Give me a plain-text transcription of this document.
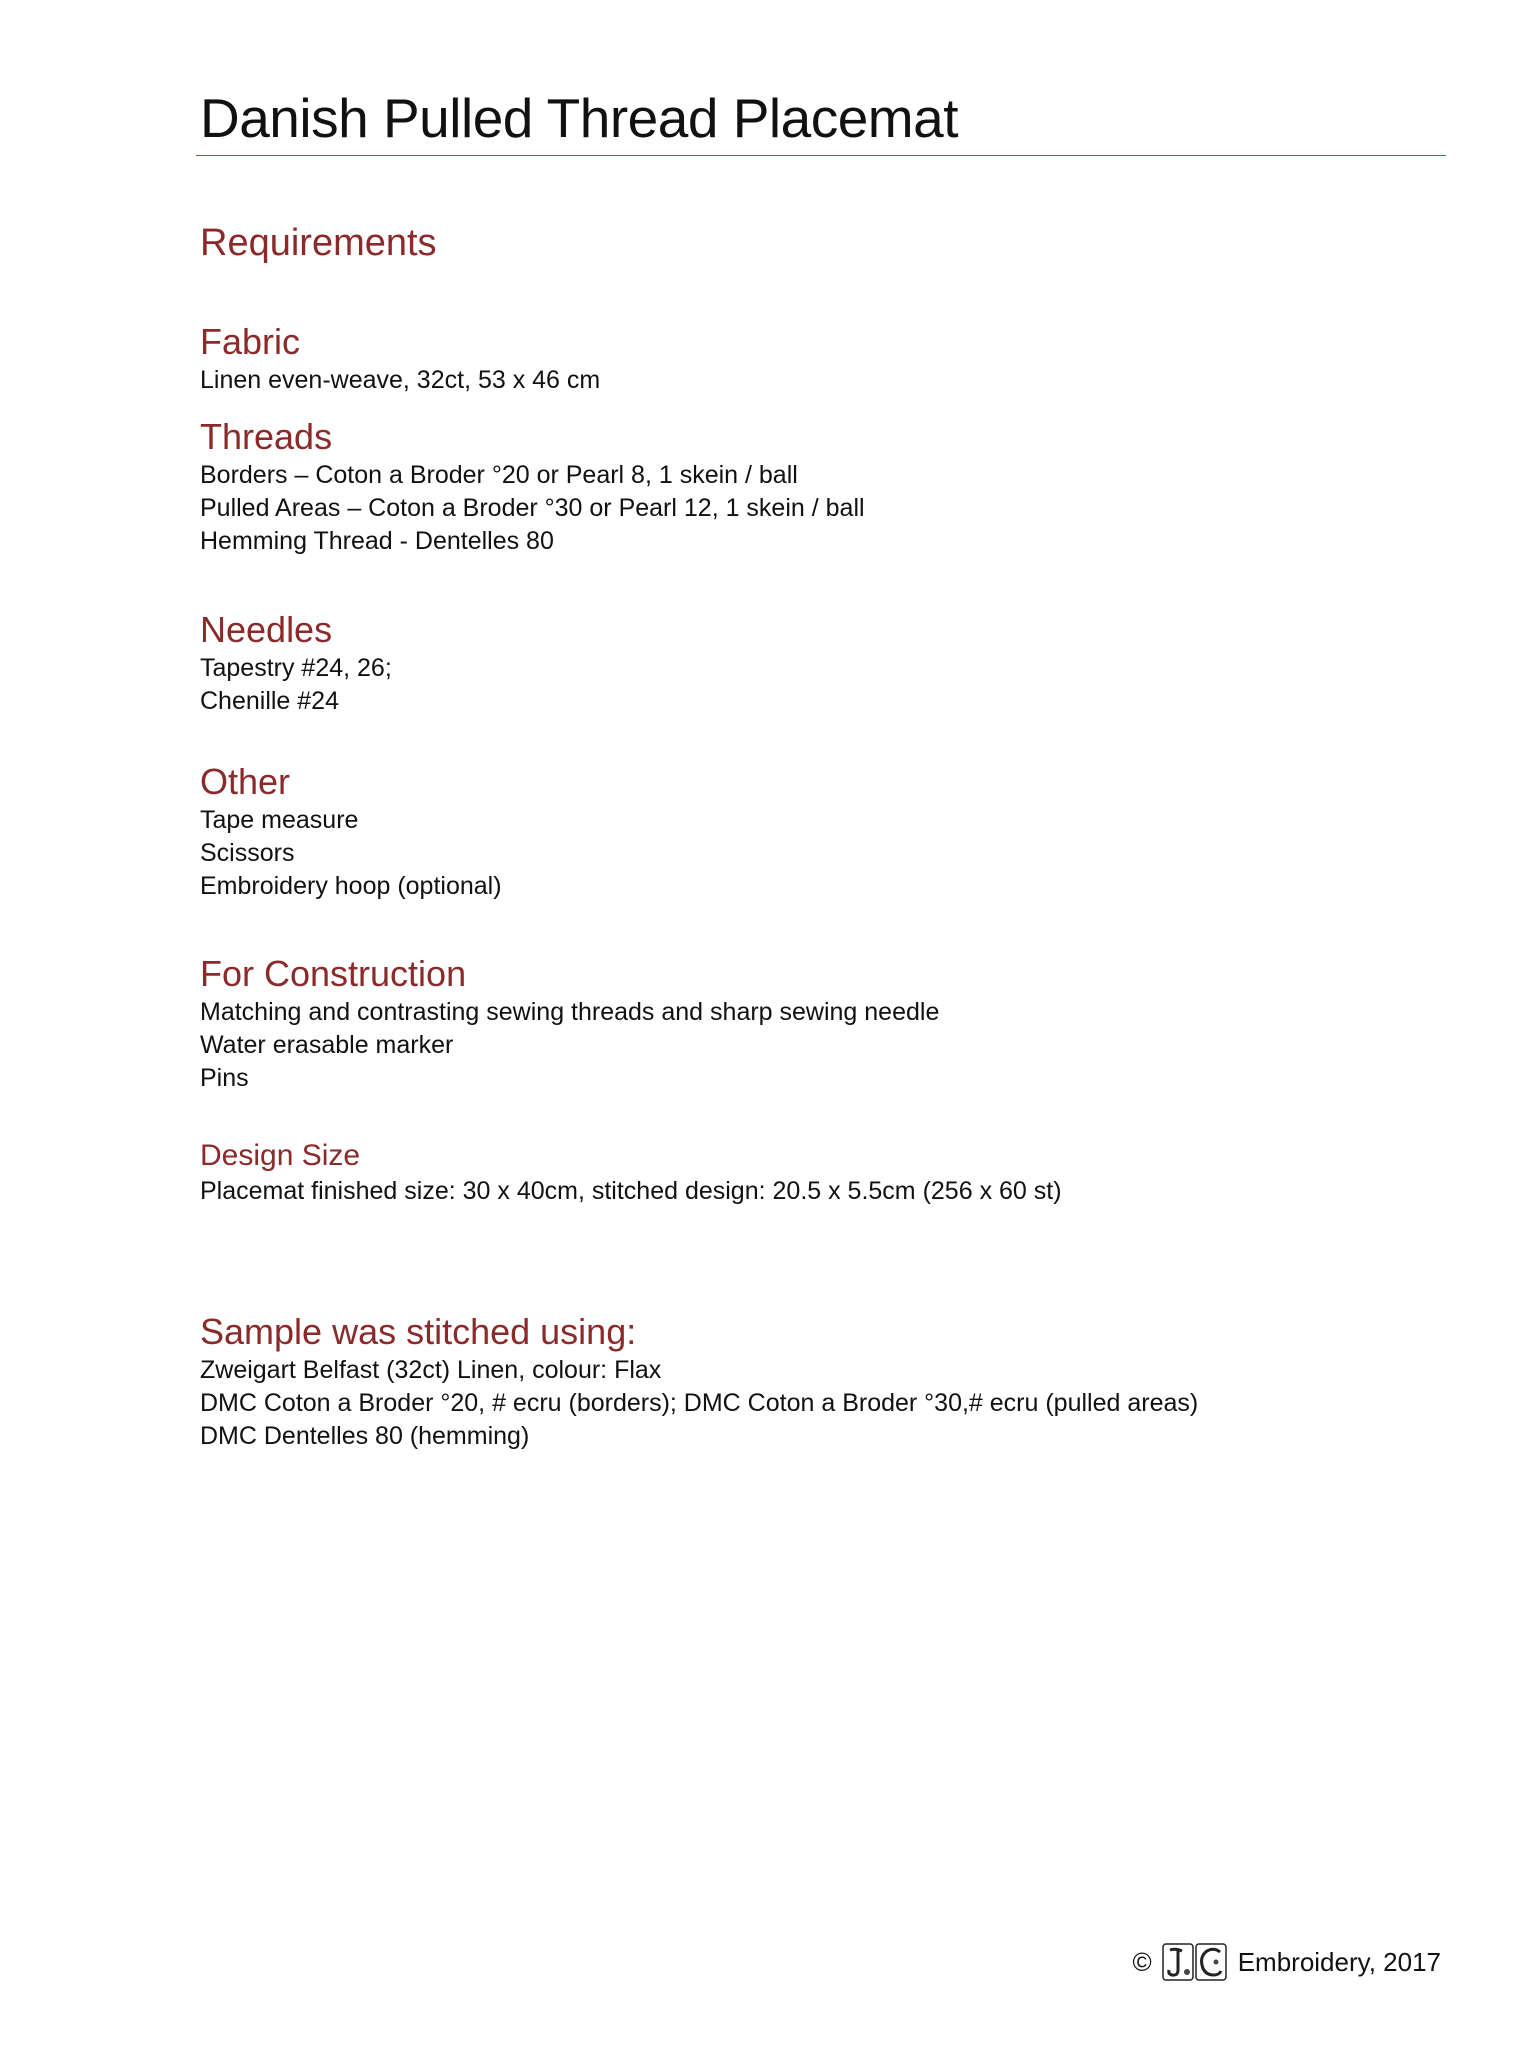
Danish Pulled Thread Placemat
Requirements
Fabric
Linen even-weave, 32ct, 53 x 46 cm
Threads
Borders – Coton a Broder °20 or Pearl 8, 1 skein / ball
Pulled Areas – Coton a Broder °30 or Pearl 12, 1 skein / ball
Hemming Thread - Dentelles 80
Needles
Tapestry #24, 26;
Chenille #24
Other
Tape measure
Scissors
Embroidery hoop (optional)
For Construction
Matching and contrasting sewing threads and sharp sewing needle
Water erasable marker
Pins
Design Size
Placemat finished size: 30 x 40cm, stitched design: 20.5 x 5.5cm (256 x 60 st)
Sample was stitched using:
Zweigart Belfast (32ct) Linen, colour: Flax
DMC Coton a Broder °20, # ecru (borders); DMC Coton a Broder °30,# ecru (pulled areas)
DMC Dentelles 80 (hemming)
©	Embroidery, 2017
